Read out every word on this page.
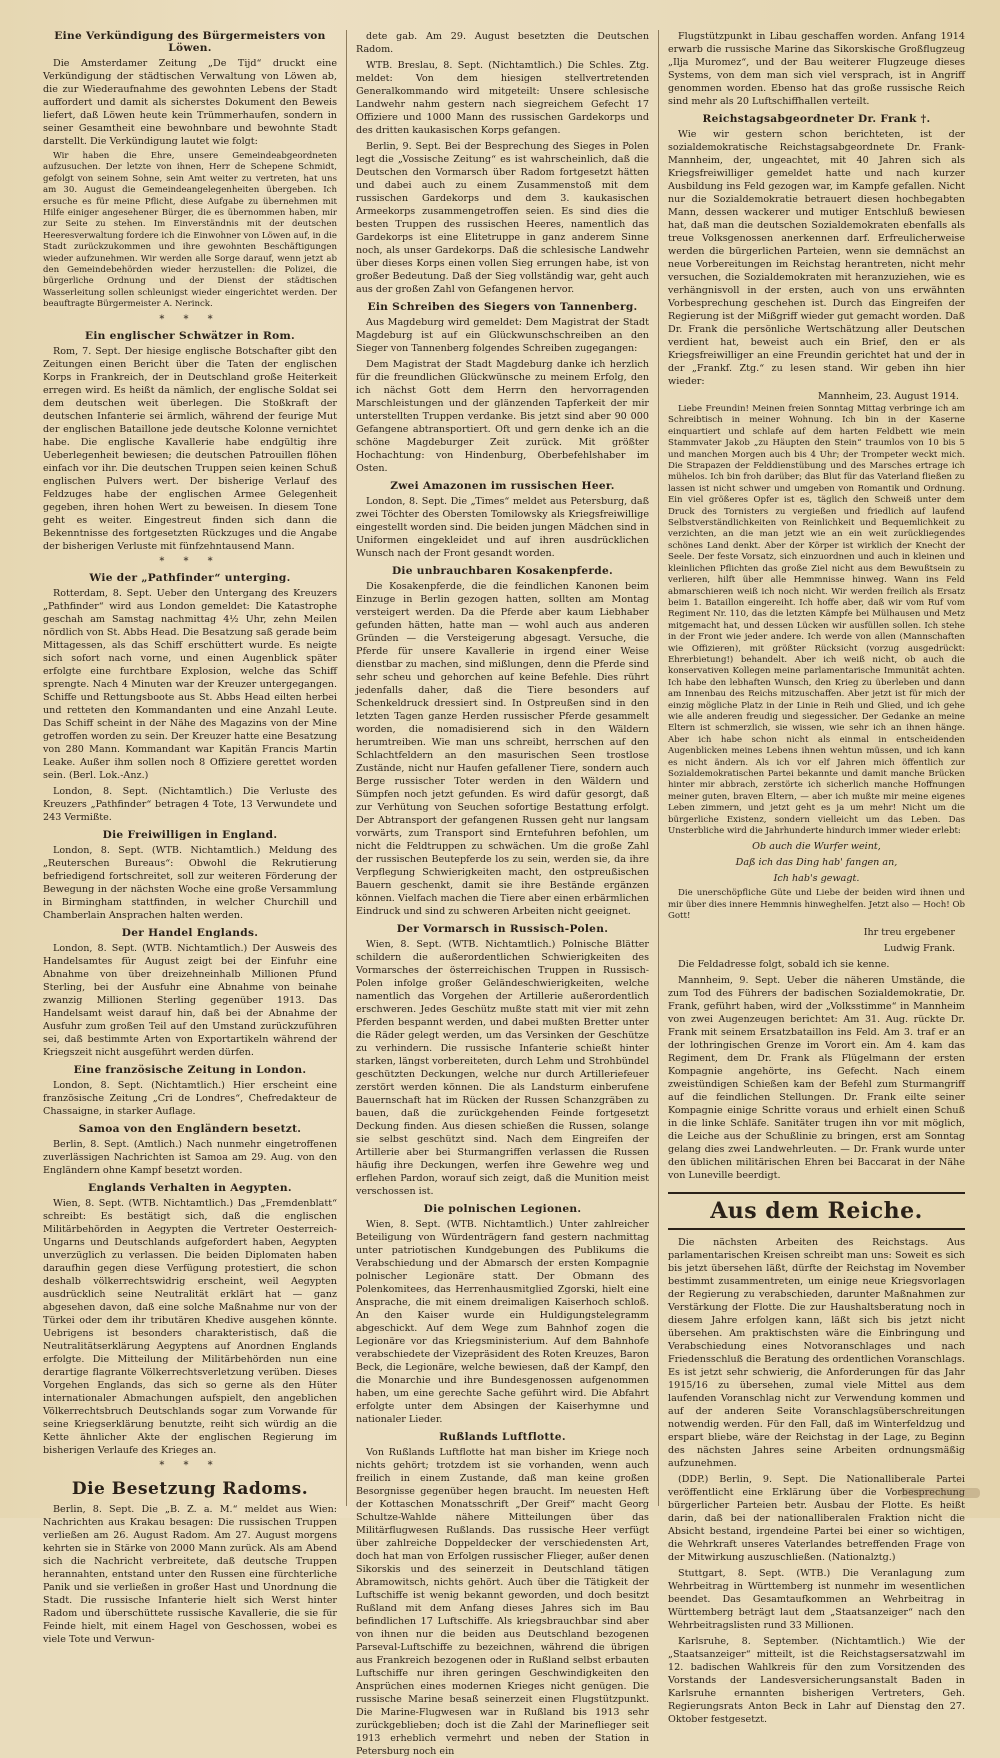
Eine Verkündigung des Bürgermeisters von Löwen.

Die Amsterdamer Zeitung „De Tijd“ druckt eine Verkündigung der städtischen Verwaltung von Löwen ab, die zur Wiederaufnahme des gewohnten Lebens der Stadt auffordert und damit als sicherstes Dokument den Beweis liefert, daß Löwen heute kein Trümmerhaufen, sondern in seiner Gesamtheit eine bewohnbare und bewohnte Stadt darstellt. Die Verkündigung lautet wie folgt:

Wir haben die Ehre, unsere Gemeindeabgeordneten aufzusuchen. Der letzte von ihnen, Herr de Schepene Schmidt, gefolgt von seinem Sohne, sein Amt weiter zu vertreten, hat uns am 30. August die Gemeindeangelegenheiten übergeben. Ich ersuche es für meine Pflicht, diese Aufgabe zu übernehmen mit Hilfe einiger angesehener Bürger, die es übernommen haben, mir zur Seite zu stehen. Im Einverständnis mit der deutschen Heeresverwaltung fordere ich die Einwohner von Löwen auf, in die Stadt zurückzukommen und ihre gewohnten Beschäftigungen wieder aufzunehmen. Wir werden alle Sorge darauf, wenn jetzt ab den Gemeindebehörden wieder herzustellen: die Polizei, die bürgerliche Ordnung und der Dienst der städtischen Wasserleitung sollen schleunigst wieder eingerichtet werden. Der beauftragte Bürgermeister A. Nerinck.

* * *
Ein englischer Schwätzer in Rom.

Rom, 7. Sept. Der hiesige englische Botschafter gibt den Zeitungen einen Bericht über die Taten der englischen Korps in Frankreich, der in Deutschland große Heiterkeit erregen wird. Es heißt da nämlich, der englische Soldat sei dem deutschen weit überlegen. Die Stoßkraft der deutschen Infanterie sei ärmlich, während der feurige Mut der englischen Bataillone jede deutsche Kolonne vernichtet habe. Die englische Kavallerie habe endgültig ihre Ueberlegenheit bewiesen; die deutschen Patrouillen flöhen einfach vor ihr. Die deutschen Truppen seien keinen Schuß englischen Pulvers wert. Der bisherige Verlauf des Feldzuges habe der englischen Armee Gelegenheit gegeben, ihren hohen Wert zu beweisen. In diesem Tone geht es weiter. Eingestreut finden sich dann die Bekenntnisse des fortgesetzten Rückzuges und die Angabe der bisherigen Verluste mit fünfzehntausend Mann.

* * *
Wie der „Pathfinder“ unterging.

Rotterdam, 8. Sept. Ueber den Untergang des Kreuzers „Pathfinder“ wird aus London gemeldet: Die Katastrophe geschah am Samstag nachmittag 4½ Uhr, zehn Meilen nördlich von St. Abbs Head. Die Besatzung saß gerade beim Mittagessen, als das Schiff erschüttert wurde. Es neigte sich sofort nach vorne, und einen Augenblick später erfolgte eine furchtbare Explosion, welche das Schiff sprengte. Nach 4 Minuten war der Kreuzer untergegangen. Schiffe und Rettungsboote aus St. Abbs Head eilten herbei und retteten den Kommandanten und eine Anzahl Leute. Das Schiff scheint in der Nähe des Magazins von der Mine getroffen worden zu sein. Der Kreuzer hatte eine Besatzung von 280 Mann. Kommandant war Kapitän Francis Martin Leake. Außer ihm sollen noch 8 Offiziere gerettet worden sein. (Berl. Lok.-Anz.)

London, 8. Sept. (Nichtamtlich.) Die Verluste des Kreuzers „Pathfinder“ betragen 4 Tote, 13 Verwundete und 243 Vermißte.

Die Freiwilligen in England.

London, 8. Sept. (WTB. Nichtamtlich.) Meldung des „Reuterschen Bureaus“: Obwohl die Rekrutierung befriedigend fortschreitet, soll zur weiteren Förderung der Bewegung in der nächsten Woche eine große Versammlung in Birmingham stattfinden, in welcher Churchill und Chamberlain Ansprachen halten werden.

Der Handel Englands.

London, 8. Sept. (WTB. Nichtamtlich.) Der Ausweis des Handelsamtes für August zeigt bei der Einfuhr eine Abnahme von über dreizehneinhalb Millionen Pfund Sterling, bei der Ausfuhr eine Abnahme von beinahe zwanzig Millionen Sterling gegenüber 1913. Das Handelsamt weist darauf hin, daß bei der Abnahme der Ausfuhr zum großen Teil auf den Umstand zurückzuführen sei, daß bestimmte Arten von Exportartikeln während der Kriegszeit nicht ausgeführt werden dürfen.

Eine französische Zeitung in London.

London, 8. Sept. (Nichtamtlich.) Hier erscheint eine französische Zeitung „Cri de Londres“, Chefredakteur de Chassaigne, in starker Auflage.

Samoa von den Engländern besetzt.

Berlin, 8. Sept. (Amtlich.) Nach nunmehr eingetroffenen zuverlässigen Nachrichten ist Samoa am 29. Aug. von den Engländern ohne Kampf besetzt worden.

Englands Verhalten in Aegypten.

Wien, 8. Sept. (WTB. Nichtamtlich.) Das „Fremdenblatt“ schreibt: Es bestätigt sich, daß die englischen Militärbehörden in Aegypten die Vertreter Oesterreich-Ungarns und Deutschlands aufgefordert haben, Aegypten unverzüglich zu verlassen. Die beiden Diplomaten haben daraufhin gegen diese Verfügung protestiert, die schon deshalb völkerrechtswidrig erscheint, weil Aegypten ausdrücklich seine Neutralität erklärt hat — ganz abgesehen davon, daß eine solche Maßnahme nur von der Türkei oder dem ihr tributären Khedive ausgehen könnte. Uebrigens ist besonders charakteristisch, daß die Neutralitätserklärung Aegyptens auf Anordnen Englands erfolgte. Die Mitteilung der Militärbehörden nun eine derartige flagrante Völkerrechtsverletzung verüben. Dieses Vorgehen Englands, das sich so gerne als den Hüter internationaler Abmachungen aufspielt, den angeblichen Völkerrechtsbruch Deutschlands sogar zum Vorwande für seine Kriegserklärung benutzte, reiht sich würdig an die Kette ähnlicher Akte der englischen Regierung im bisherigen Verlaufe des Krieges an.

* * *
Die Besetzung Radoms.

Berlin, 8. Sept. Die „B. Z. a. M.“ meldet aus Wien: Nachrichten aus Krakau besagen: Die russischen Truppen verließen am 26. August Radom. Am 27. August morgens kehrten sie in Stärke von 2000 Mann zurück. Als am Abend sich die Nachricht verbreitete, daß deutsche Truppen herannahten, entstand unter den Russen eine fürchterliche Panik und sie verließen in großer Hast und Unordnung die Stadt. Die russische Infanterie hielt sich Werst hinter Radom und überschüttete russische Kavallerie, die sie für Feinde hielt, mit einem Hagel von Geschossen, wobei es viele Tote und Verwun-

dete gab. Am 29. August besetzten die Deutschen Radom.

WTB. Breslau, 8. Sept. (Nichtamtlich.) Die Schles. Ztg. meldet: Von dem hiesigen stellvertretenden Generalkommando wird mitgeteilt: Unsere schlesische Landwehr nahm gestern nach siegreichem Gefecht 17 Offiziere und 1000 Mann des russischen Gardekorps und des dritten kaukasischen Korps gefangen.

Berlin, 9. Sept. Bei der Besprechung des Sieges in Polen legt die „Vossische Zeitung“ es ist wahrscheinlich, daß die Deutschen den Vormarsch über Radom fortgesetzt hätten und dabei auch zu einem Zusammenstoß mit dem russischen Gardekorps und dem 3. kaukasischen Armeekorps zusammengetroffen seien. Es sind dies die besten Truppen des russischen Heeres, namentlich das Gardekorps ist eine Elitetruppe in ganz anderem Sinne noch, als unser Gardekorps. Daß die schlesische Landwehr über dieses Korps einen vollen Sieg errungen habe, ist von großer Bedeutung. Daß der Sieg vollständig war, geht auch aus der großen Zahl von Gefangenen hervor.

Ein Schreiben des Siegers von Tannenberg.

Aus Magdeburg wird gemeldet: Dem Magistrat der Stadt Magdeburg ist auf ein Glückwunschschreiben an den Sieger von Tannenberg folgendes Schreiben zugegangen:

Dem Magistrat der Stadt Magdeburg danke ich herzlich für die freundlichen Glückwünsche zu meinem Erfolg, den ich nächst Gott dem Herrn den hervorragenden Marschleistungen und der glänzenden Tapferkeit der mir unterstellten Truppen verdanke. Bis jetzt sind aber 90 000 Gefangene abtransportiert. Oft und gern denke ich an die schöne Magdeburger Zeit zurück. Mit größter Hochachtung: von Hindenburg, Oberbefehlshaber im Osten.

Zwei Amazonen im russischen Heer.

London, 8. Sept. Die „Times“ meldet aus Petersburg, daß zwei Töchter des Obersten Tomilowsky als Kriegsfreiwillige eingestellt worden sind. Die beiden jungen Mädchen sind in Uniformen eingekleidet und auf ihren ausdrücklichen Wunsch nach der Front gesandt worden.

Die unbrauchbaren Kosakenpferde.

Die Kosakenpferde, die die feindlichen Kanonen beim Einzuge in Berlin gezogen hatten, sollten am Montag versteigert werden. Da die Pferde aber kaum Liebhaber gefunden hätten, hatte man — wohl auch aus anderen Gründen — die Versteigerung abgesagt. Versuche, die Pferde für unsere Kavallerie in irgend einer Weise dienstbar zu machen, sind mißlungen, denn die Pferde sind sehr scheu und gehorchen auf keine Befehle. Dies rührt jedenfalls daher, daß die Tiere besonders auf Schenkeldruck dressiert sind. In Ostpreußen sind in den letzten Tagen ganze Herden russischer Pferde gesammelt worden, die nomadisierend sich in den Wäldern herumtreiben. Wie man uns schreibt, herrschen auf den Schlachtfeldern an den masurischen Seen trostlose Zustände, nicht nur Haufen gefallener Tiere, sondern auch Berge russischer Toter werden in den Wäldern und Sümpfen noch jetzt gefunden. Es wird dafür gesorgt, daß zur Verhütung von Seuchen sofortige Bestattung erfolgt. Der Abtransport der gefangenen Russen geht nur langsam vorwärts, zum Transport sind Erntefuhren befohlen, um nicht die Feldtruppen zu schwächen. Um die große Zahl der russischen Beutepferde los zu sein, werden sie, da ihre Verpflegung Schwierigkeiten macht, den ostpreußischen Bauern geschenkt, damit sie ihre Bestände ergänzen können. Vielfach machen die Tiere aber einen erbärmlichen Eindruck und sind zu schweren Arbeiten nicht geeignet.

Der Vormarsch in Russisch-Polen.

Wien, 8. Sept. (WTB. Nichtamtlich.) Polnische Blätter schildern die außerordentlichen Schwierigkeiten des Vormarsches der österreichischen Truppen in Russisch-Polen infolge großer Geländeschwierigkeiten, welche namentlich das Vorgehen der Artillerie außerordentlich erschweren. Jedes Geschütz mußte statt mit vier mit zehn Pferden bespannt werden, und dabei mußten Bretter unter die Räder gelegt werden, um das Versinken der Geschütze zu verhindern. Die russische Infanterie schießt hinter starken, längst vorbereiteten, durch Lehm und Strohbündel geschützten Deckungen, welche nur durch Artilleriefeuer zerstört werden können. Die als Landsturm einberufene Bauernschaft hat im Rücken der Russen Schanzgräben zu bauen, daß die zurückgehenden Feinde fortgesetzt Deckung finden. Aus diesen schießen die Russen, solange sie selbst geschützt sind. Nach dem Eingreifen der Artillerie aber bei Sturmangriffen verlassen die Russen häufig ihre Deckungen, werfen ihre Gewehre weg und erflehen Pardon, worauf sich zeigt, daß die Munition meist verschossen ist.

Die polnischen Legionen.

Wien, 8. Sept. (WTB. Nichtamtlich.) Unter zahlreicher Beteiligung von Würdenträgern fand gestern nachmittag unter patriotischen Kundgebungen des Publikums die Verabschiedung und der Abmarsch der ersten Kompagnie polnischer Legionäre statt. Der Obmann des Polenkomitees, das Herrenhausmitglied Zgorski, hielt eine Ansprache, die mit einem dreimaligen Kaiserhoch schloß. An den Kaiser wurde ein Huldigungstelegramm abgeschickt. Auf dem Wege zum Bahnhof zogen die Legionäre vor das Kriegsministerium. Auf dem Bahnhofe verabschiedete der Vizepräsident des Roten Kreuzes, Baron Beck, die Legionäre, welche bewiesen, daß der Kampf, den die Monarchie und ihre Bundesgenossen aufgenommen haben, um eine gerechte Sache geführt wird. Die Abfahrt erfolgte unter dem Absingen der Kaiserhymne und nationaler Lieder.

Rußlands Luftflotte.

Von Rußlands Luftflotte hat man bisher im Kriege noch nichts gehört; trotzdem ist sie vorhanden, wenn auch freilich in einem Zustande, daß man keine großen Besorgnisse gegenüber hegen braucht. Im neuesten Heft der Kottaschen Monatsschrift „Der Greif“ macht Georg Schultze-Wahlde nähere Mitteilungen über das Militärflugwesen Rußlands. Das russische Heer verfügt über zahlreiche Doppeldecker der verschiedensten Art, doch hat man von Erfolgen russischer Flieger, außer denen Sikorskis und des seinerzeit in Deutschland tätigen Abramowitsch, nichts gehört. Auch über die Tätigkeit der Luftschiffe ist wenig bekannt geworden, und doch besitzt Rußland mit dem Anfang dieses Jahres sich im Bau befindlichen 17 Luftschiffe. Als kriegsbrauchbar sind aber von ihnen nur die beiden aus Deutschland bezogenen Parseval-Luftschiffe zu bezeichnen, während die übrigen aus Frankreich bezogenen oder in Rußland selbst erbauten Luftschiffe nur ihren geringen Geschwindigkeiten den Ansprüchen eines modernen Krieges nicht genügen. Die russische Marine besaß seinerzeit einen Flugstützpunkt. Die Marine-Flugwesen war in Rußland bis 1913 sehr zurückgeblieben; doch ist die Zahl der Marineflieger seit 1913 erheblich vermehrt und neben der Station in Petersburg noch ein

Flugstützpunkt in Libau geschaffen worden. Anfang 1914 erwarb die russische Marine das Sikorskische Großflugzeug „Ilja Muromez“, und der Bau weiterer Flugzeuge dieses Systems, von dem man sich viel versprach, ist in Angriff genommen worden. Ebenso hat das große russische Reich sind mehr als 20 Luftschiffhallen verteilt.

Reichstagsabgeordneter Dr. Frank †.

Wie wir gestern schon berichteten, ist der sozialdemokratische Reichstagsabgeordnete Dr. Frank-Mannheim, der, ungeachtet, mit 40 Jahren sich als Kriegsfreiwilliger gemeldet hatte und nach kurzer Ausbildung ins Feld gezogen war, im Kampfe gefallen. Nicht nur die Sozialdemokratie betrauert diesen hochbegabten Mann, dessen wackerer und mutiger Entschluß bewiesen hat, daß man die deutschen Sozialdemokraten ebenfalls als treue Volksgenossen anerkennen darf. Erfreulicherweise werden die bürgerlichen Parteien, wenn sie demnächst an neue Vorbereitungen im Reichstag herantreten, nicht mehr versuchen, die Sozialdemokraten mit heranzuziehen, wie es verhängnisvoll in der ersten, auch von uns erwähnten Vorbesprechung geschehen ist. Durch das Eingreifen der Regierung ist der Mißgriff wieder gut gemacht worden. Daß Dr. Frank die persönliche Wertschätzung aller Deutschen verdient hat, beweist auch ein Brief, den er als Kriegsfreiwilliger an eine Freundin gerichtet hat und der in der „Frankf. Ztg.“ zu lesen stand. Wir geben ihn hier wieder:

Mannheim, 23. August 1914.

Liebe Freundin! Meinen freien Sonntag Mittag verbringe ich am Schreibtisch in meiner Wohnung. Ich bin in der Kaserne einquartiert und schlafe auf dem harten Feldbett wie mein Stammvater Jakob „zu Häupten den Stein“ traumlos von 10 bis 5 und manchen Morgen auch bis 4 Uhr; der Trompeter weckt mich. Die Strapazen der Felddienstübung und des Marsches ertrage ich mühelos. Ich bin froh darüber; das Blut für das Vaterland fließen zu lassen ist nicht schwer und umgeben von Romantik und Ordnung. Ein viel größeres Opfer ist es, täglich den Schweiß unter dem Druck des Tornisters zu vergießen und friedlich auf laufend Selbstverständlichkeiten von Reinlichkeit und Bequemlichkeit zu verzichten, an die man jetzt wie an ein weit zurückliegendes schönes Land denkt. Aber der Körper ist wirklich der Knecht der Seele. Der feste Vorsatz, sich einzuordnen und auch in kleinen und kleinlichen Pflichten das große Ziel nicht aus dem Bewußtsein zu verlieren, hilft über alle Hemmnisse hinweg. Wann ins Feld abmarschieren weiß ich noch nicht. Wir werden freilich als Ersatz beim 1. Bataillon eingereiht. Ich hoffe aber, daß wir vom Ruf vom Regiment Nr. 110, das die letzten Kämpfe bei Mülhausen und Metz mitgemacht hat, und dessen Lücken wir ausfüllen sollen. Ich stehe in der Front wie jeder andere. Ich werde von allen (Mannschaften wie Offizieren), mit größter Rücksicht (vorzug ausgedrückt: Ehrerbietung!) behandelt. Aber ich weiß nicht, ob auch die konservativen Kollegen meine parlamentarische Immunität achten. Ich habe den lebhaften Wunsch, den Krieg zu überleben und dann am Innenbau des Reichs mitzuschaffen. Aber jetzt ist für mich der einzig mögliche Platz in der Linie in Reih und Glied, und ich gehe wie alle anderen freudig und siegessicher. Der Gedanke an meine Eltern ist schmerzlich, sie wissen, wie sehr ich an ihnen hänge. Aber ich habe schon nicht als einmal in entscheidenden Augenblicken meines Lebens ihnen wehtun müssen, und ich kann es nicht ändern. Als ich vor elf Jahren mich öffentlich zur Sozialdemokratischen Partei bekannte und damit manche Brücken hinter mir abbrach, zerstörte ich sicherlich manche Hoffnungen meiner guten, braven Eltern, — aber ich mußte mir meine eigenes Leben zimmern, und jetzt geht es ja um mehr! Nicht um die bürgerliche Existenz, sondern vielleicht um das Leben. Das Unsterbliche wird die Jahrhunderte hindurch immer wieder erlebt:

Ob auch die Wurfer weint,
Daß ich das Ding hab' fangen an,
Ich hab's gewagt.

Die unerschöpfliche Güte und Liebe der beiden wird ihnen und mir über dies innere Hemmnis hinweghelfen. Jetzt also — Hoch! Ob Gott!

Ihr treu ergebener
Ludwig Frank.

Die Feldadresse folgt, sobald ich sie kenne.

Mannheim, 9. Sept. Ueber die näheren Umstände, die zum Tod des Führers der badischen Sozialdemokratie, Dr. Frank, geführt haben, wird der „Volksstimme“ in Mannheim von zwei Augenzeugen berichtet: Am 31. Aug. rückte Dr. Frank mit seinem Ersatzbataillon ins Feld. Am 3. traf er an der lothringischen Grenze im Vorort ein. Am 4. kam das Regiment, dem Dr. Frank als Flügelmann der ersten Kompagnie angehörte, ins Gefecht. Nach einem zweistündigen Schießen kam der Befehl zum Sturmangriff auf die feindlichen Stellungen. Dr. Frank eilte seiner Kompagnie einige Schritte voraus und erhielt einen Schuß in die linke Schläfe. Sanitäter trugen ihn vor mit möglich, die Leiche aus der Schußlinie zu bringen, erst am Sonntag gelang dies zwei Landwehrleuten. — Dr. Frank wurde unter den üblichen militärischen Ehren bei Baccarat in der Nähe von Luneville beerdigt.

Aus dem Reiche.

Die nächsten Arbeiten des Reichstags. Aus parlamentarischen Kreisen schreibt man uns: Soweit es sich bis jetzt übersehen läßt, dürfte der Reichstag im November bestimmt zusammentreten, um einige neue Kriegsvorlagen der Regierung zu verabschieden, darunter Maßnahmen zur Verstärkung der Flotte. Die zur Haushaltsberatung noch in diesem Jahre erfolgen kann, läßt sich bis jetzt nicht übersehen. Am praktischsten wäre die Einbringung und Verabschiedung eines Notvoranschlages und nach Friedensschluß die Beratung des ordentlichen Voranschlags. Es ist jetzt sehr schwierig, die Anforderungen für das Jahr 1915/16 zu übersehen, zumal viele Mittel aus dem laufenden Voranschlag nicht zur Verwendung kommen und auf der anderen Seite Voranschlagsüberschreitungen notwendig werden. Für den Fall, daß im Winterfeldzug und erspart bliebe, wäre der Reichstag in der Lage, zu Beginn des nächsten Jahres seine Arbeiten ordnungsmäßig aufzunehmen.

(DDP.) Berlin, 9. Sept. Die Nationalliberale Partei veröffentlicht eine Erklärung über die Vorbesprechung bürgerlicher Parteien betr. Ausbau der Flotte. Es heißt darin, daß bei der nationalliberalen Fraktion nicht die Absicht bestand, irgendeine Partei bei einer so wichtigen, die Wehrkraft unseres Vaterlandes betreffenden Frage von der Mitwirkung auszuschließen. (Nationalztg.)

Stuttgart, 8. Sept. (WTB.) Die Veranlagung zum Wehrbeitrag in Württemberg ist nunmehr im wesentlichen beendet. Das Gesamtaufkommen an Wehrbeitrag in Württemberg beträgt laut dem „Staatsanzeiger“ nach den Wehrbeitragslisten rund 33 Millionen.

Karlsruhe, 8. September. (Nichtamtlich.) Wie der „Staatsanzeiger“ mitteilt, ist die Reichstagsersatzwahl im 12. badischen Wahlkreis für den zum Vorsitzenden des Vorstands der Landesversicherungsanstalt Baden in Karlsruhe ernannten bisherigen Vertreters, Geh. Regierungsrats Anton Beck in Lahr auf Dienstag den 27. Oktober festgesetzt.
